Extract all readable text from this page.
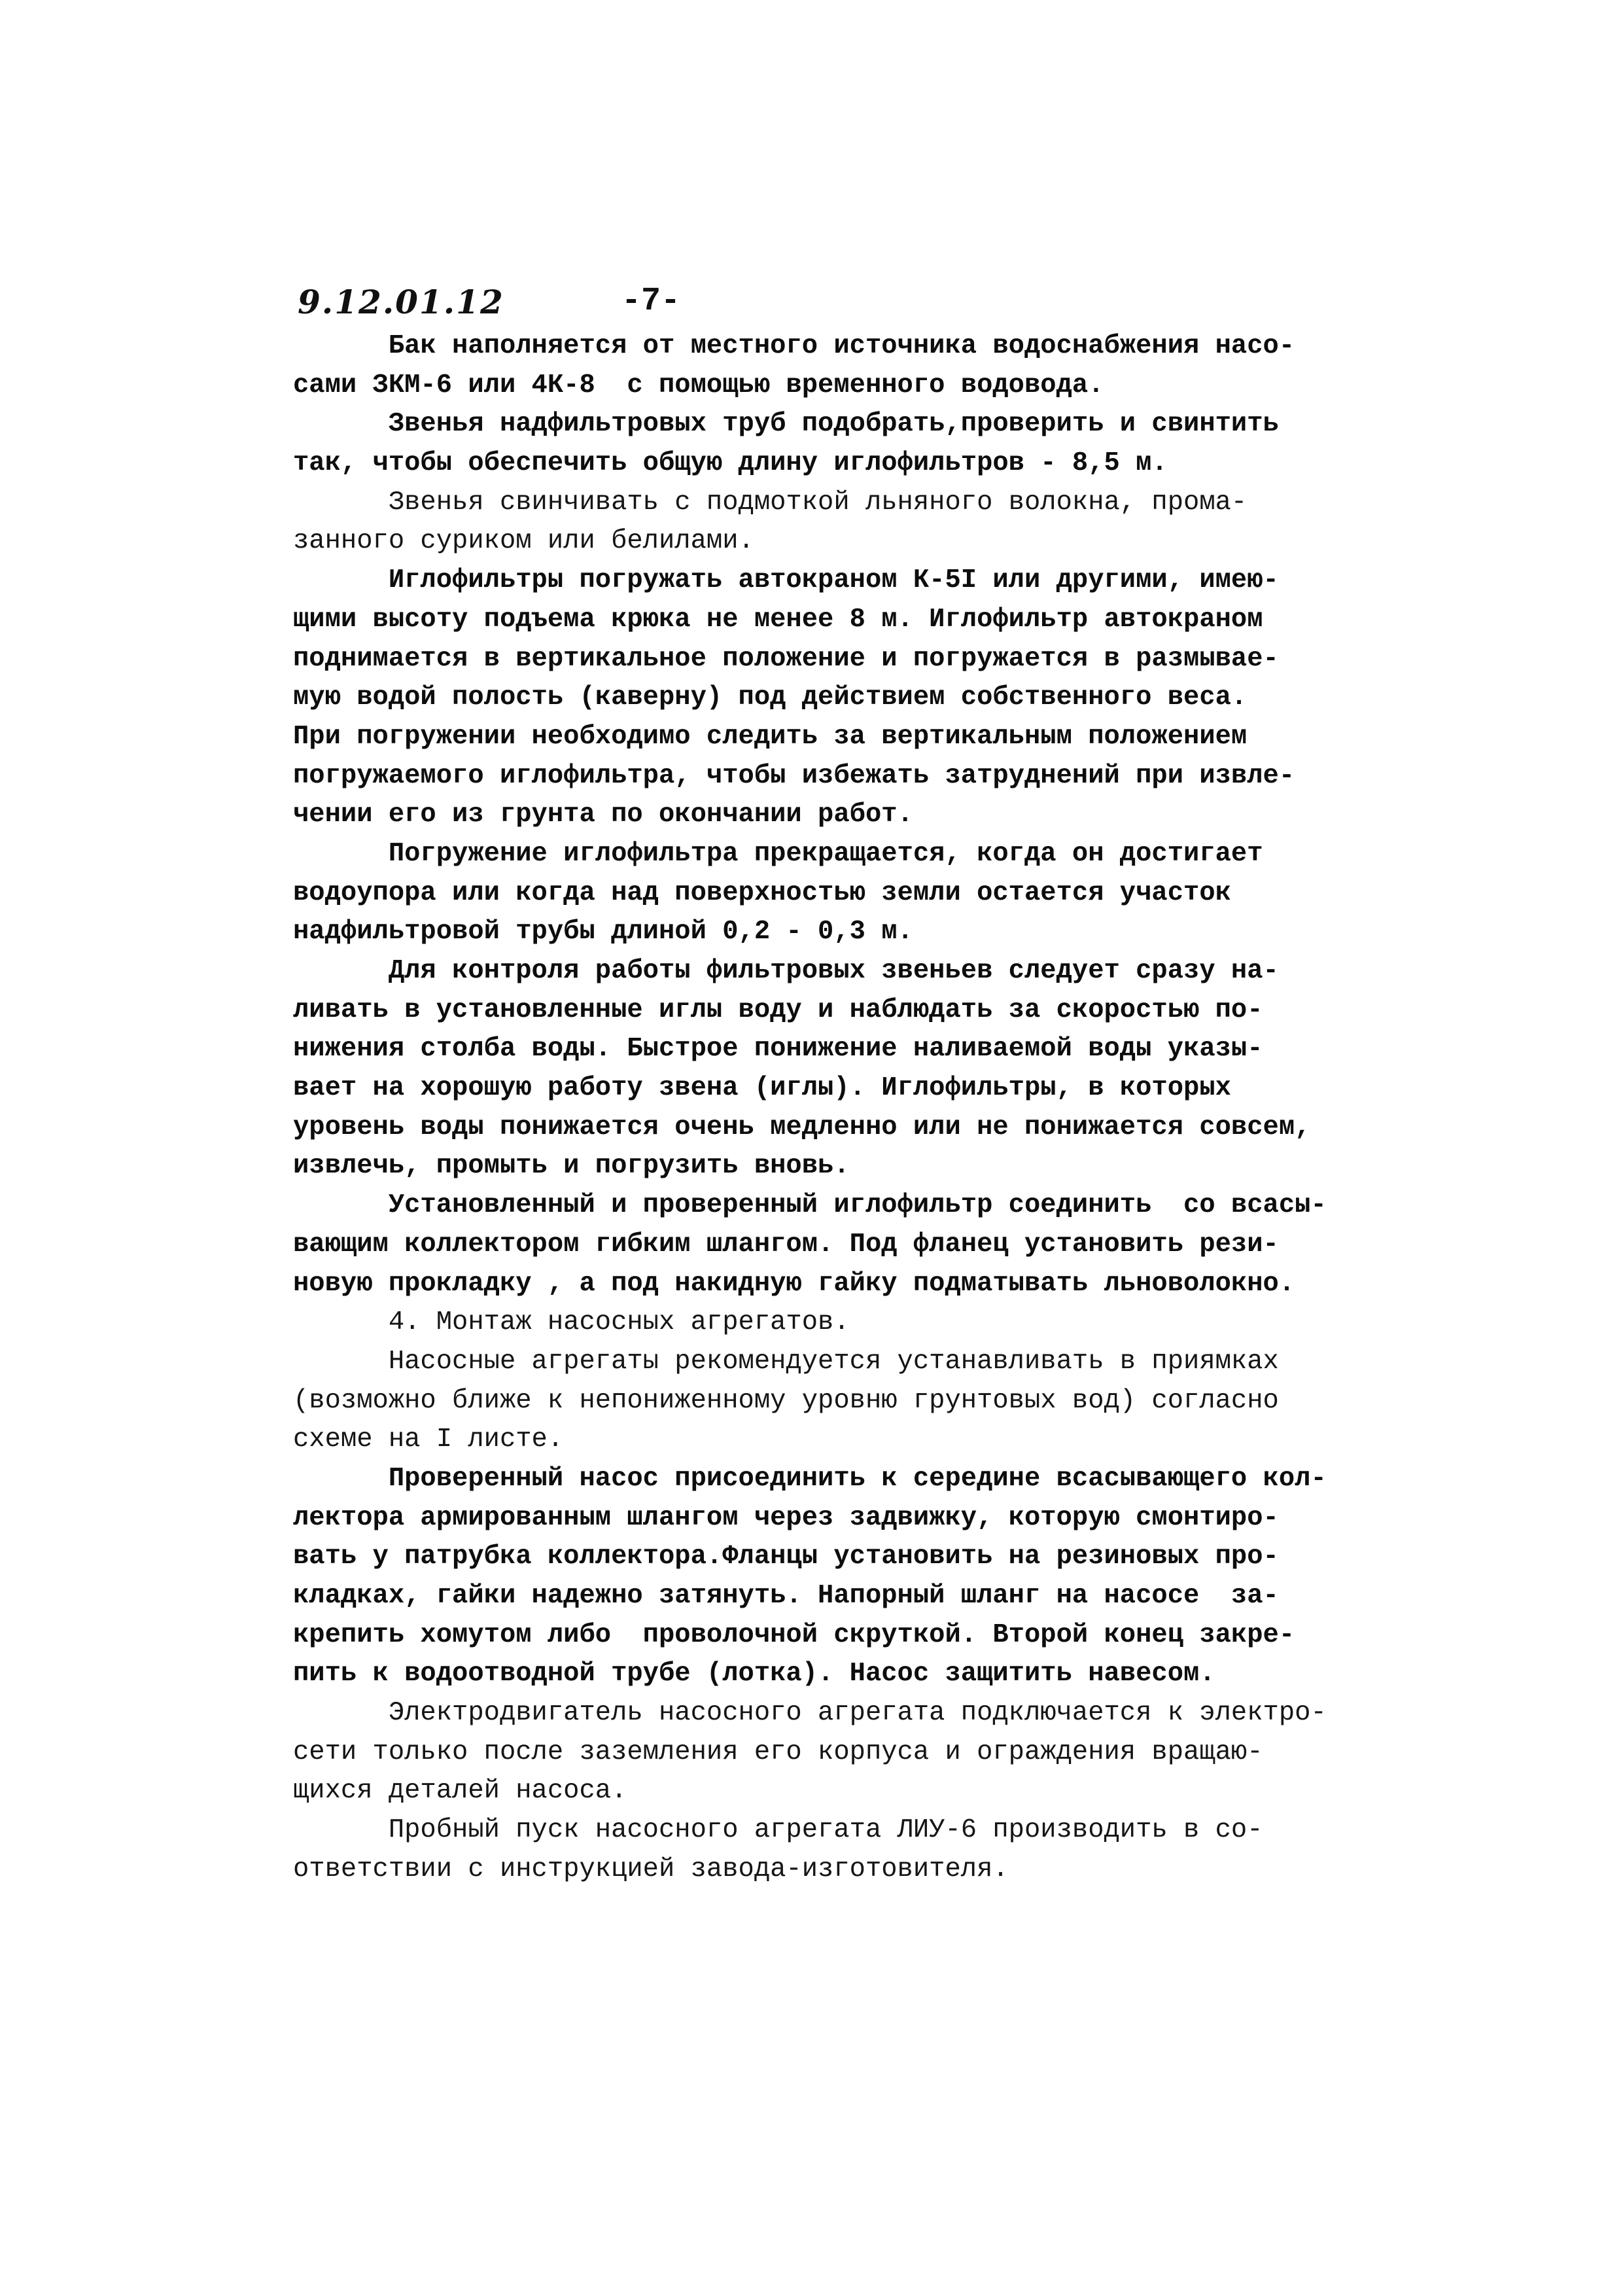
9.12.01.12	-7-
Бак наполняется от местного источника водоснабжения насо-
сами ЗКМ-6 или 4К-8  с помощью временного водовода.
Звенья надфильтровых труб подобрать,проверить и свинтить
так, чтобы обеспечить общую длину иглофильтров - 8,5 м.
Звенья свинчивать с подмоткой льняного волокна, прома-
занного суриком или белилами.
Иглофильтры погружать автокраном К-5I или другими, имею-
щими высоту подъема крюка не менее 8 м. Иглофильтр автокраном
поднимается в вертикальное положение и погружается в размывае-
мую водой полость (каверну) под действием собственного веса.
При погружении необходимо следить за вертикальным положением
погружаемого иглофильтра, чтобы избежать затруднений при извле-
чении его из грунта по окончании работ.
Погружение иглофильтра прекращается, когда он достигает
водоупора или когда над поверхностью земли остается участок
надфильтровой трубы длиной 0,2 - 0,3 м.
Для контроля работы фильтровых звеньев следует сразу на-
ливать в установленные иглы воду и наблюдать за скоростью по-
нижения столба воды. Быстрое понижение наливаемой воды указы-
вает на хорошую работу звена (иглы). Иглофильтры, в которых
уровень воды понижается очень медленно или не понижается совсем,
извлечь, промыть и погрузить вновь.
Установленный и проверенный иглофильтр соединить  со всасы-
вающим коллектором гибким шлангом. Под фланец установить рези-
новую прокладку , а под накидную гайку подматывать льноволокно.
4. Монтаж насосных агрегатов.
Насосные агрегаты рекомендуется устанавливать в приямках
(возможно ближе к непониженному уровню грунтовых вод) согласно
схеме на I листе.
Проверенный насос присоединить к середине всасывающего кол-
лектора армированным шлангом через задвижку, которую смонтиро-
вать у патрубка коллектора.Фланцы установить на резиновых про-
кладках, гайки надежно затянуть. Напорный шланг на насосе  за-
крепить хомутом либо  проволочной скруткой. Второй конец закре-
пить к водоотводной трубе (лотка). Насос защитить навесом.
Электродвигатель насосного агрегата подключается к электро-
сети только после заземления его корпуса и ограждения вращаю-
щихся деталей насоса.
Пробный пуск насосного агрегата ЛИУ-6 производить в со-
ответствии с инструкцией завода-изготовителя.
